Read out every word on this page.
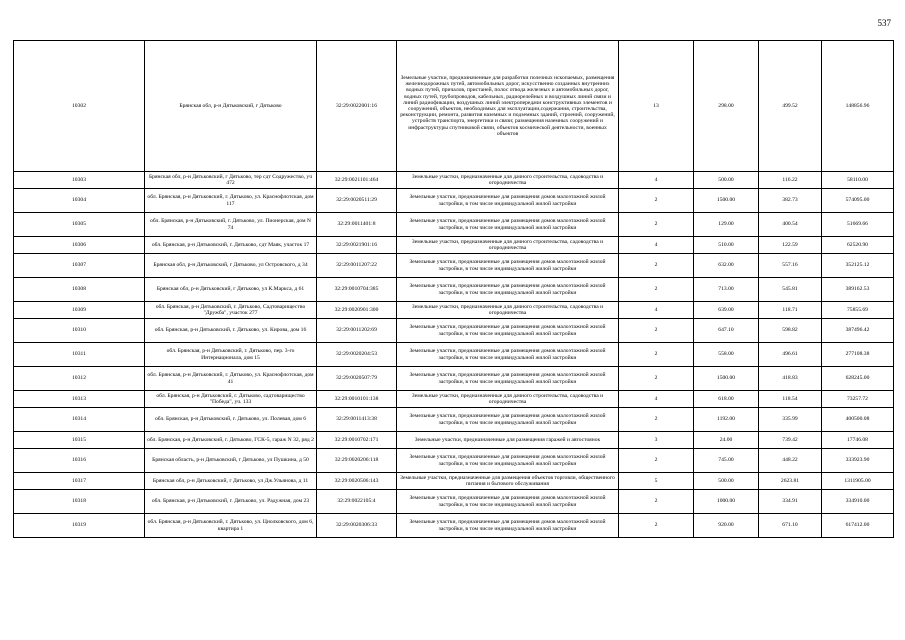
537
10302	Брянская обл, р-н Дятьковский, г Дятьково	32:29:0022001:16	Земельные участки, предназначенные для разработки полезных ископаемых, размещения железнодорожных путей, автомобильных дорог, искусственно созданных внутренних водных путей, причалов, пристаней, полос отвода железных и автомобильных дорог, водных путей, трубопроводов, кабельных, радиорелейных и воздушных линий связи и линий радиофикации, воздушных линий электропередачи конструктивных элементов и сооружений, объектов, необходимых для эксплуатации,содержания, строительства, реконструкции, ремонта, развития наземных и подземных зданий, строений, сооружений, устройств транспорта, энергетики и связи; размещения наземных сооружений и инфраструктуры спутниковой связи, объектов космической деятельности, военных объектов	13	298.00	499.52	148856.96
10303	Брянская обл, р-н Дятьковский, г Дятьково, тер сдт Содружество, уч 472	32:29:0021101:464	Земельные участки, предназначенные для дачного строительства, садоводства и огородничества	4	500.00	116.22	58110.00
10304	обл. Брянская, р-н Дятьковский, г. Дятьково, ул. Краснофлотская, дом 117	32:29:0020511:29	Земельные участки, предназначенные для размещения домов малоэтажной жилой застройки, в том числе индивидуальной жилой застройки	2	1500.00	382.73	574095.00
10305	обл. Брянская, р-н Дятьковский, г. Дятьково, ул. Пионерская, дом N 74	32:29:0011401:8	Земельные участки, предназначенные для размещения домов малоэтажной жилой застройки, в том числе индивидуальной жилой застройки	2	129.00	400.54	51669.66
10306	обл. Брянская, р-н Дятьковский, г. Дятьково, сдт Маяк, участок 17	32:29:0021901:16	Земельные участки, предназначенные для дачного строительства, садоводства и огородничества	4	510.00	122.59	62520.90
10307	Брянская обл, р-н Дятьковский, г Дятьково, ул Островского, д 34	32:29:0011207:22	Земельные участки, предназначенные для размещения домов малоэтажной жилой застройки, в том числе индивидуальной жилой застройки	2	632.00	557.16	352125.12
10308	Брянская обл, р-н Дятьковский, г Дятьково, ул К.Маркса, д 61	32:29:0010704:385	Земельные участки, предназначенные для размещения домов малоэтажной жилой застройки, в том числе индивидуальной жилой застройки	2	713.00	545.81	389162.53
10309	обл. Брянская, р-н Дятьковский, г. Дятьково, Садтоварищество "Дружба", участок 277	32:29:0020901:300	Земельные участки, предназначенные для дачного строительства, садоводства и огородничества	4	639.00	118.71	75855.69
10310	обл. Брянская, р-н Дятьковский, г. Дятьково, ул. Кирова, дом 16	32:29:0011202:69	Земельные участки, предназначенные для размещения домов малоэтажной жилой застройки, в том числе индивидуальной жилой застройки	2	647.10	598.82	387496.42
10311	обл. Брянская, р-н Дятьковский, г. Дятьково, пер. 3-го Интернационала, дом 15	32:29:0020204:53	Земельные участки, предназначенные для размещения домов малоэтажной жилой застройки, в том числе индивидуальной жилой застройки	2	558.00	496.61	277108.38
10312	обл. Брянская, р-н Дятьковский, г. Дятьково, ул. Краснофлотская, дом 41	32:29:0020507:79	Земельные участки, предназначенные для размещения домов малоэтажной жилой застройки, в том числе индивидуальной жилой застройки	2	1500.00	418.83	628245.00
10313	обл. Брянская, р-н Дятьковский, г. Дятьково, садтоварищество "Победа", уч. 133	32:29:0010101:138	Земельные участки, предназначенные для дачного строительства, садоводства и огородничества	4	618.00	118.54	73257.72
10314	обл. Брянская, р-н Дятьковский, г. Дятьково, ул. Полевая, дом 6	32:29:0011413:38	Земельные участки, предназначенные для размещения домов малоэтажной жилой застройки, в том числе индивидуальной жилой застройки	2	1192.00	335.99	400500.08
10315	обл. Брянская, р-н Дятьковский, г. Дятьково, ГСК-5, гараж N 32, ряд 2	32:29:0010702:171	Земельные участки, предназначенные для размещения гаражей и автостоянок	3	24.00	739.42	17746.08
10316	Брянская область, р-н Дятьковский, г Дятьково, ул Пушкина, д 50	32:29:0020206:118	Земельные участки, предназначенные для размещения домов малоэтажной жилой застройки, в том числе индивидуальной жилой застройки	2	745.00	448.22	333923.90
10317	Брянская обл, р-н Дятьковский, г Дятьково, ул Дж.Ульянова, д 11	32:29:0020506:143	Земельные участки, предназначенные для размещения объектов торговли, общественного питания и бытового обслуживания	5	500.00	2623.81	1311905.00
10318	обл. Брянская, р-н Дятьковский, г. Дятьково, ул. Радужная, дом 23	32:29:0022105:4	Земельные участки, предназначенные для размещения домов малоэтажной жилой застройки, в том числе индивидуальной жилой застройки	2	1000.00	334.91	334910.00
10319	обл. Брянская, р-н Дятьковский, г. Дятьково, ул. Циолковского, дом 6, квартира 1	32:29:0020306:33	Земельные участки, предназначенные для размещения домов малоэтажной жилой застройки, в том числе индивидуальной жилой застройки	2	920.00	671.10	617412.00
